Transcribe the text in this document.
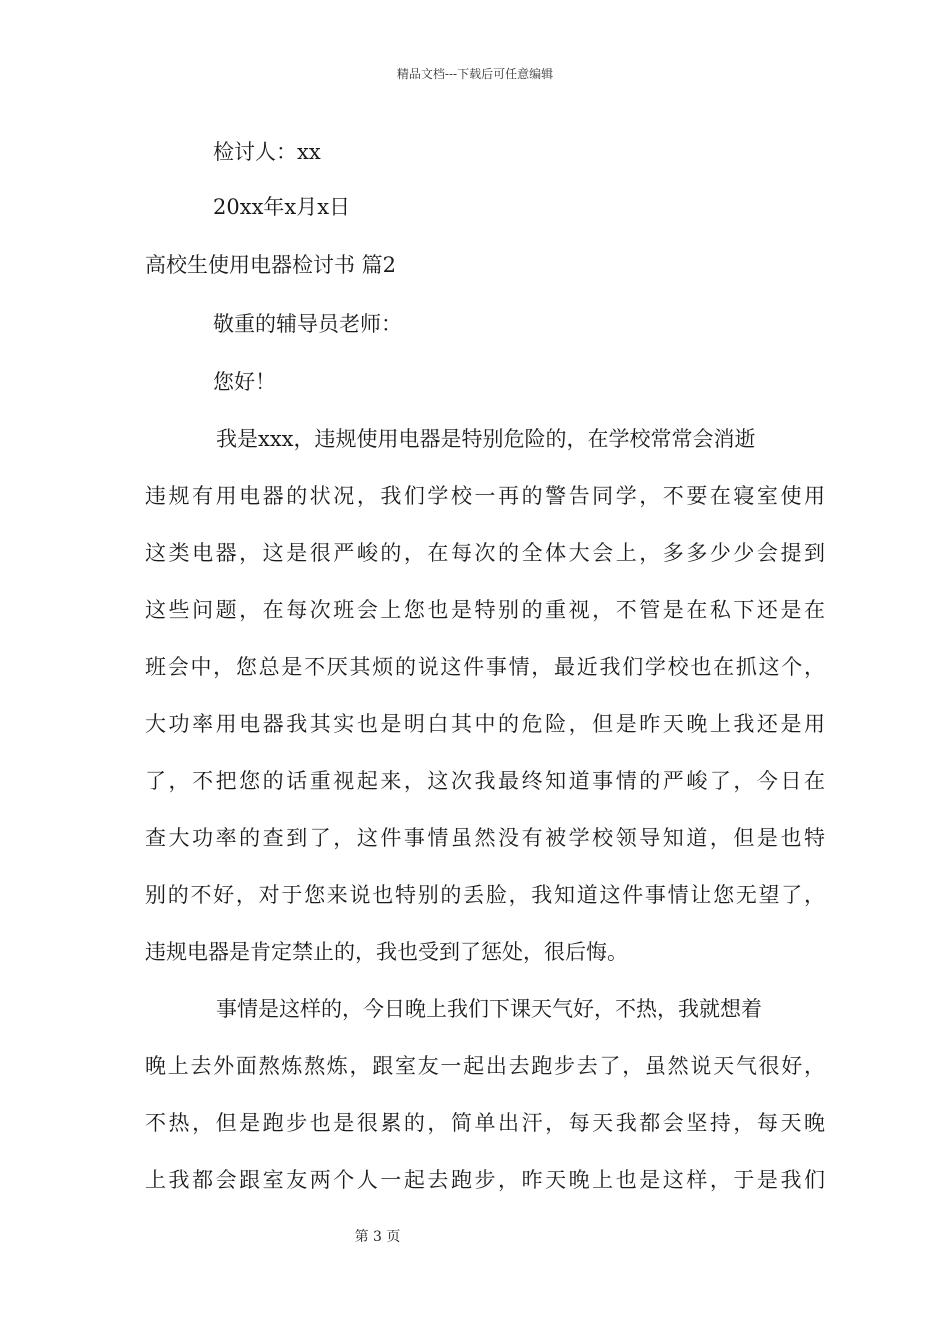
精品文档---下载后可任意编辑
检讨人：xx
20xx年x月x日
高校生使用电器检讨书 篇2
敬重的辅导员老师：
您好！
我是xxx，违规使用电器是特别危险的，在学校常常会消逝
违规有用电器的状况，我们学校一再的警告同学，不要在寝室使用
这类电器，这是很严峻的，在每次的全体大会上，多多少少会提到
这些问题，在每次班会上您也是特别的重视，不管是在私下还是在
班会中，您总是不厌其烦的说这件事情，最近我们学校也在抓这个，
大功率用电器我其实也是明白其中的危险，但是昨天晚上我还是用
了，不把您的话重视起来，这次我最终知道事情的严峻了，今日在
查大功率的查到了，这件事情虽然没有被学校领导知道，但是也特
别的不好，对于您来说也特别的丢脸，我知道这件事情让您无望了，
违规电器是肯定禁止的，我也受到了惩处，很后悔。
事情是这样的，今日晚上我们下课天气好，不热，我就想着
晚上去外面熬炼熬炼，跟室友一起出去跑步去了，虽然说天气很好，
不热，但是跑步也是很累的，简单出汗，每天我都会坚持，每天晚
上我都会跟室友两个人一起去跑步，昨天晚上也是这样，于是我们
第 3 页
